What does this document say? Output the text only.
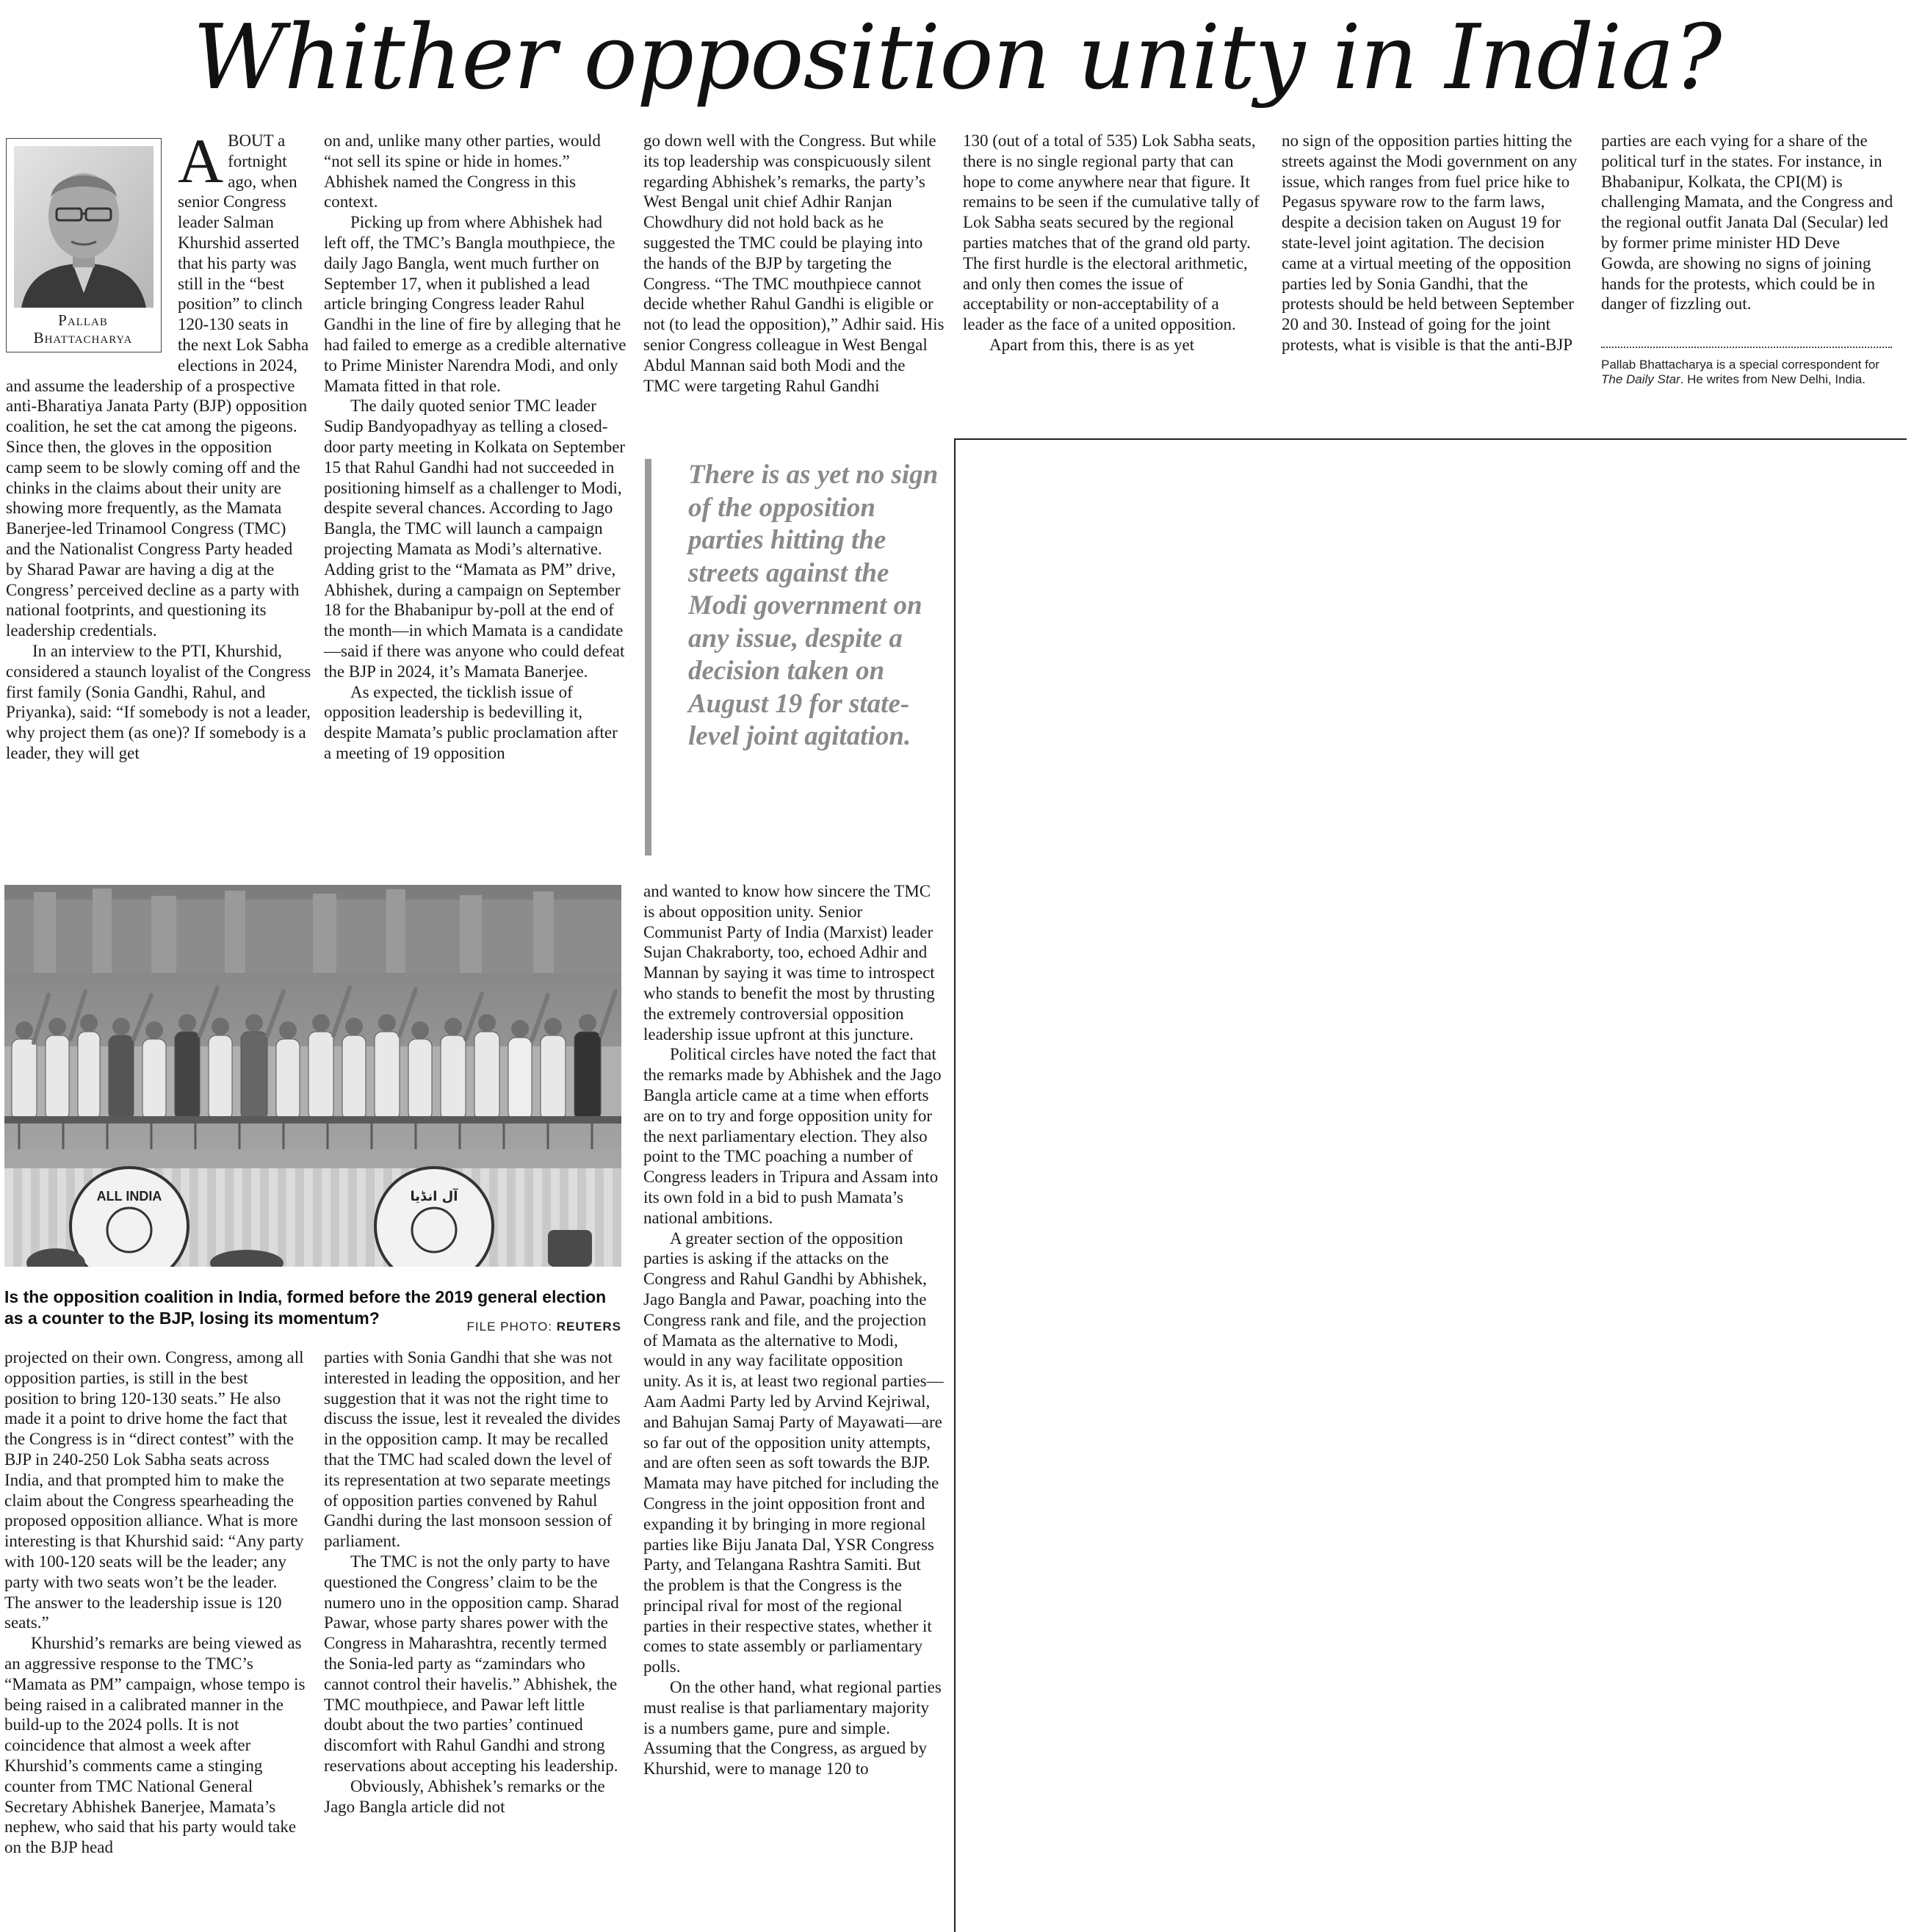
Whither opposition unity in India?
Pallab
Bhattacharya

ABOUT a fortnight ago, when senior Congress leader Salman Khurshid asserted that his party was still in the “best position” to clinch 120-130 seats in the next Lok Sabha elections in 2024, and assume the leadership of a prospective anti-Bharatiya Janata Party (BJP) opposition coalition, he set the cat among the pigeons. Since then, the gloves in the opposition camp seem to be slowly coming off and the chinks in the claims about their unity are showing more frequently, as the Mamata Banerjee-led Trinamool Congress (TMC) and the Nationalist Congress Party headed by Sharad Pawar are having a dig at the Congress’ perceived decline as a party with national footprints, and questioning its leadership credentials.

In an interview to the PTI, Khurshid, considered a staunch loyalist of the Congress first family (Sonia Gandhi, Rahul, and Priyanka), said: “If somebody is not a leader, why project them (as one)? If somebody is a leader, they will get

on and, unlike many other parties, would “not sell its spine or hide in homes.” Abhishek named the Congress in this context.

Picking up from where Abhishek had left off, the TMC’s Bangla mouthpiece, the daily Jago Bangla, went much further on September 17, when it published a lead article bringing Congress leader Rahul Gandhi in the line of fire by alleging that he had failed to emerge as a credible alternative to Prime Minister Narendra Modi, and only Mamata fitted in that role.

The daily quoted senior TMC leader Sudip Bandyopadhyay as telling a closed-door party meeting in Kolkata on September 15 that Rahul Gandhi had not succeeded in positioning himself as a challenger to Modi, despite several chances. According to Jago Bangla, the TMC will launch a campaign projecting Mamata as Modi’s alternative. Adding grist to the “Mamata as PM” drive, Abhishek, during a campaign on September 18 for the Bhabanipur by-poll at the end of the month—in which Mamata is a candidate—said if there was anyone who could defeat the BJP in 2024, it’s Mamata Banerjee.

As expected, the ticklish issue of opposition leadership is bedevilling it, despite Mamata’s public proclamation after a meeting of 19 opposition

go down well with the Congress. But while its top leadership was conspicuously silent regarding Abhishek’s remarks, the party’s West Bengal unit chief Adhir Ranjan Chowdhury did not hold back as he suggested the TMC could be playing into the hands of the BJP by targeting the Congress. “The TMC mouthpiece cannot decide whether Rahul Gandhi is eligible or not (to lead the opposition),” Adhir said. His senior Congress colleague in West Bengal Abdul Mannan said both Modi and the TMC were targeting Rahul Gandhi

There is as yet no sign of the opposition parties hitting the streets against the Modi government on any issue, despite a decision taken on August 19 for state-level joint agitation.

130 (out of a total of 535) Lok Sabha seats, there is no single regional party that can hope to come anywhere near that figure. It remains to be seen if the cumulative tally of Lok Sabha seats secured by the regional parties matches that of the grand old party. The first hurdle is the electoral arithmetic, and only then comes the issue of acceptability or non-acceptability of a leader as the face of a united opposition.

Apart from this, there is as yet

no sign of the opposition parties hitting the streets against the Modi government on any issue, which ranges from fuel price hike to Pegasus spyware row to the farm laws, despite a decision taken on August 19 for state-level joint agitation. The decision came at a virtual meeting of the opposition parties led by Sonia Gandhi, that the protests should be held between September 20 and 30. Instead of going for the joint protests, what is visible is that the anti-BJP

parties are each vying for a share of the political turf in the states. For instance, in Bhabanipur, Kolkata, the CPI(M) is challenging Mamata, and the Congress and the regional outfit Janata Dal (Secular) led by former prime minister HD Deve Gowda, are showing no signs of joining hands for the protests, which could be in danger of fizzling out.

Pallab Bhattacharya is a special correspondent for The Daily Star. He writes from New Delhi, India.
ALL INDIA	آل انڈیا
Is the opposition coalition in India, formed before the 2019 general election as a counter to the BJP, losing its momentum?	FILE PHOTO: REUTERS

projected on their own. Congress, among all opposition parties, is still in the best position to bring 120-130 seats.” He also made it a point to drive home the fact that the Congress is in “direct contest” with the BJP in 240-250 Lok Sabha seats across India, and that prompted him to make the claim about the Congress spearheading the proposed opposition alliance. What is more interesting is that Khurshid said: “Any party with 100-120 seats will be the leader; any party with two seats won’t be the leader. The answer to the leadership issue is 120 seats.”

Khurshid’s remarks are being viewed as an aggressive response to the TMC’s “Mamata as PM” campaign, whose tempo is being raised in a calibrated manner in the build-up to the 2024 polls. It is not coincidence that almost a week after Khurshid’s comments came a stinging counter from TMC National General Secretary Abhishek Banerjee, Mamata’s nephew, who said that his party would take on the BJP head

parties with Sonia Gandhi that she was not interested in leading the opposition, and her suggestion that it was not the right time to discuss the issue, lest it revealed the divides in the opposition camp. It may be recalled that the TMC had scaled down the level of its representation at two separate meetings of opposition parties convened by Rahul Gandhi during the last monsoon session of parliament.

The TMC is not the only party to have questioned the Congress’ claim to be the numero uno in the opposition camp. Sharad Pawar, whose party shares power with the Congress in Maharashtra, recently termed the Sonia-led party as “zamindars who cannot control their havelis.” Abhishek, the TMC mouthpiece, and Pawar left little doubt about the two parties’ continued discomfort with Rahul Gandhi and strong reservations about accepting his leadership.

Obviously, Abhishek’s remarks or the Jago Bangla article did not

and wanted to know how sincere the TMC is about opposition unity. Senior Communist Party of India (Marxist) leader Sujan Chakraborty, too, echoed Adhir and Mannan by saying it was time to introspect who stands to benefit the most by thrusting the extremely controversial opposition leadership issue upfront at this juncture.

Political circles have noted the fact that the remarks made by Abhishek and the Jago Bangla article came at a time when efforts are on to try and forge opposition unity for the next parliamentary election. They also point to the TMC poaching a number of Congress leaders in Tripura and Assam into its own fold in a bid to push Mamata’s national ambitions.

A greater section of the opposition parties is asking if the attacks on the Congress and Rahul Gandhi by Abhishek, Jago Bangla and Pawar, poaching into the Congress rank and file, and the projection of Mamata as the alternative to Modi, would in any way facilitate opposition unity. As it is, at least two regional parties—Aam Aadmi Party led by Arvind Kejriwal, and Bahujan Samaj Party of Mayawati—are so far out of the opposition unity attempts, and are often seen as soft towards the BJP. Mamata may have pitched for including the Congress in the joint opposition front and expanding it by bringing in more regional parties like Biju Janata Dal, YSR Congress Party, and Telangana Rashtra Samiti. But the problem is that the Congress is the principal rival for most of the regional parties in their respective states, whether it comes to state assembly or parliamentary polls.

On the other hand, what regional parties must realise is that parliamentary majority is a numbers game, pure and simple. Assuming that the Congress, as argued by Khurshid, were to manage 120 to
